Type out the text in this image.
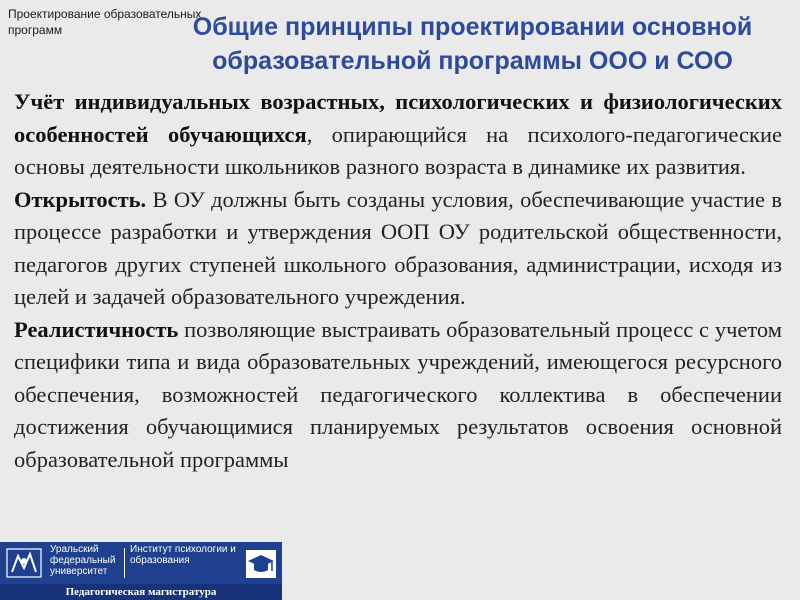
Проектирование образовательных программ	Общие принципы проектировании основной образовательной программы ООО и СОО

Учёт индивидуальных возрастных, психологических и физиологических особенностей обучающихся, опирающийся на психолого-педагогические основы деятельности школьников разного возраста в динамике их развития.

Открытость. В ОУ должны быть созданы условия, обеспечивающие участие в процессе разработки и утверждения ООП ОУ родительской общественности, педагогов других ступеней школьного образования, администрации, исходя из целей и задачей образовательного учреждения.

Реалистичность позволяющие выстраивать образовательный процесс с учетом специфики типа и вида образовательных учреждений, имеющегося ресурсного обеспечения, возможностей педагогического коллектива в обеспечении достижения обучающимися планируемых результатов освоения основной образовательной программы

Уральский федеральный университет
Институт психологии и образования
Педагогическая магистратура
